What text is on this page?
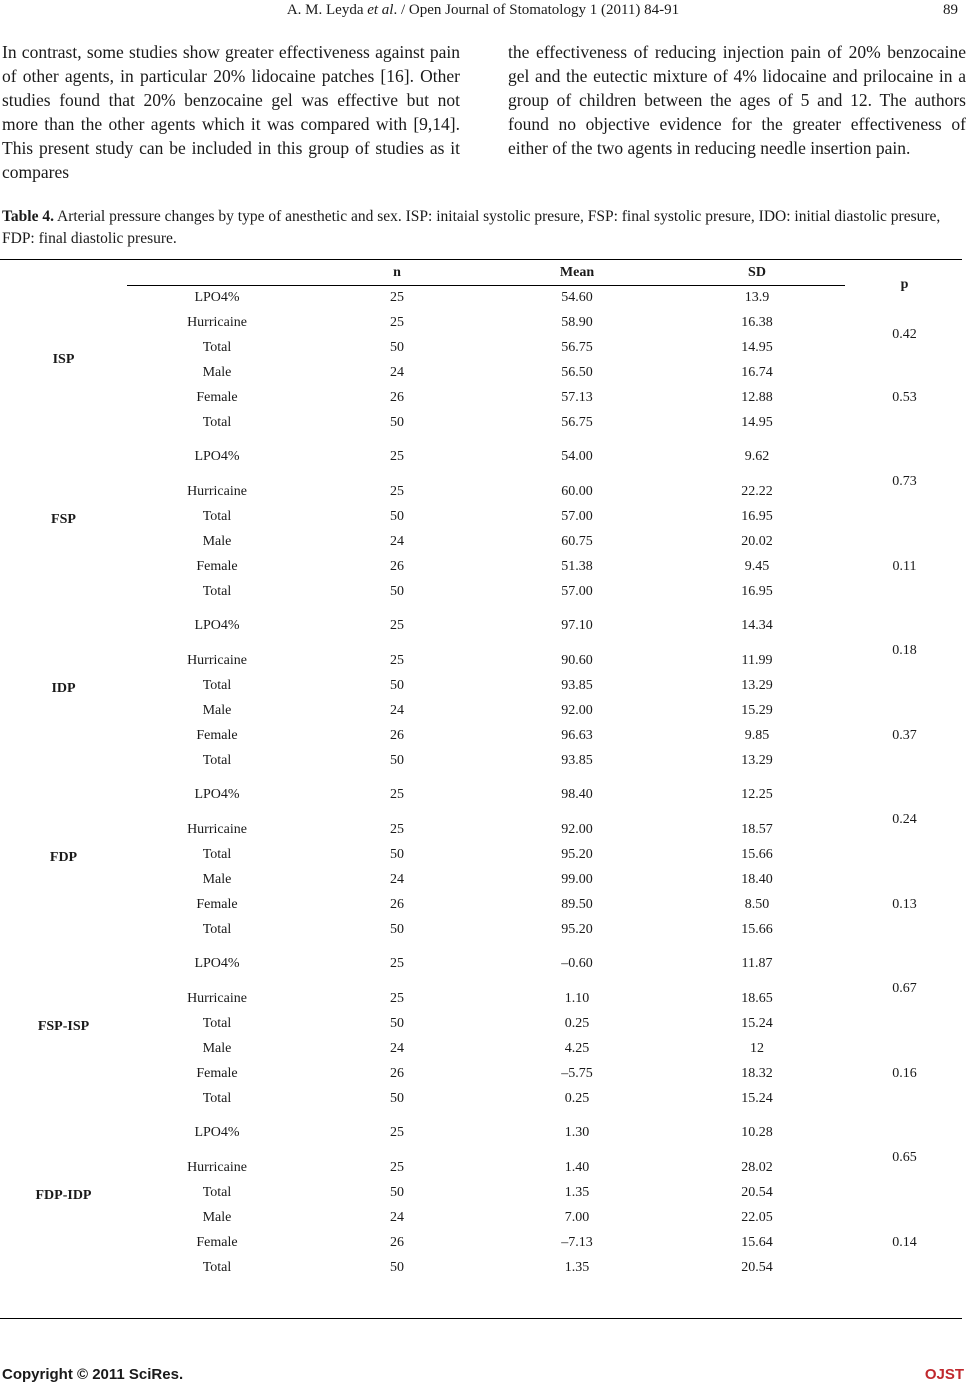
A. M. Leyda et al. / Open Journal of Stomatology 1 (2011) 84-91	89
In contrast, some studies show greater effectiveness against pain of other agents, in particular 20% lidocaine patches [16]. Other studies found that 20% benzocaine gel was effective but not more than the other agents which it was compared with [9,14]. This present study can be included in this group of studies as it compares
the effectiveness of reducing injection pain of 20% benzocaine gel and the eutectic mixture of 4% lidocaine and prilocaine in a group of children between the ages of 5 and 12. The authors found no objective evidence for the greater effectiveness of either of the two agents in reducing needle insertion pain.
Table 4. Arterial pressure changes by type of anesthetic and sex. ISP: initaial systolic presure, FSP: final systolic presure, IDO: initial diastolic presure, FDP: final diastolic presure.
		n	Mean	SD	p
ISP	LPO4%	25	54.60	13.9	
	Hurricaine	25	58.90	16.38	0.42
	Total	50	56.75	14.95	
	Male	24	56.50	16.74	0.53
	Female	26	57.13	12.88	
	Total	50	56.75	14.95	
FSP	LPO4%	25	54.00	9.62	0.73
	Hurricaine	25	60.00	22.22	
	Total	50	57.00	16.95	
	Male	24	60.75	20.02	0.11
	Female	26	51.38	9.45	
	Total	50	57.00	16.95	
IDP	LPO4%	25	97.10	14.34	0.18
	Hurricaine	25	90.60	11.99	
	Total	50	93.85	13.29	
	Male	24	92.00	15.29	0.37
	Female	26	96.63	9.85	
	Total	50	93.85	13.29	
FDP	LPO4%	25	98.40	12.25	0.24
	Hurricaine	25	92.00	18.57	
	Total	50	95.20	15.66	
	Male	24	99.00	18.40	0.13
	Female	26	89.50	8.50	
	Total	50	95.20	15.66	
FSP-ISP	LPO4%	25	–0.60	11.87	0.67
	Hurricaine	25	1.10	18.65	
	Total	50	0.25	15.24	
	Male	24	4.25	12	0.16
	Female	26	–5.75	18.32	
	Total	50	0.25	15.24	
FDP-IDP	LPO4%	25	1.30	10.28	0.65
	Hurricaine	25	1.40	28.02	
	Total	50	1.35	20.54	
	Male	24	7.00	22.05	0.14
	Female	26	–7.13	15.64	
	Total	50	1.35	20.54	
Copyright © 2011 SciRes.	OJST
